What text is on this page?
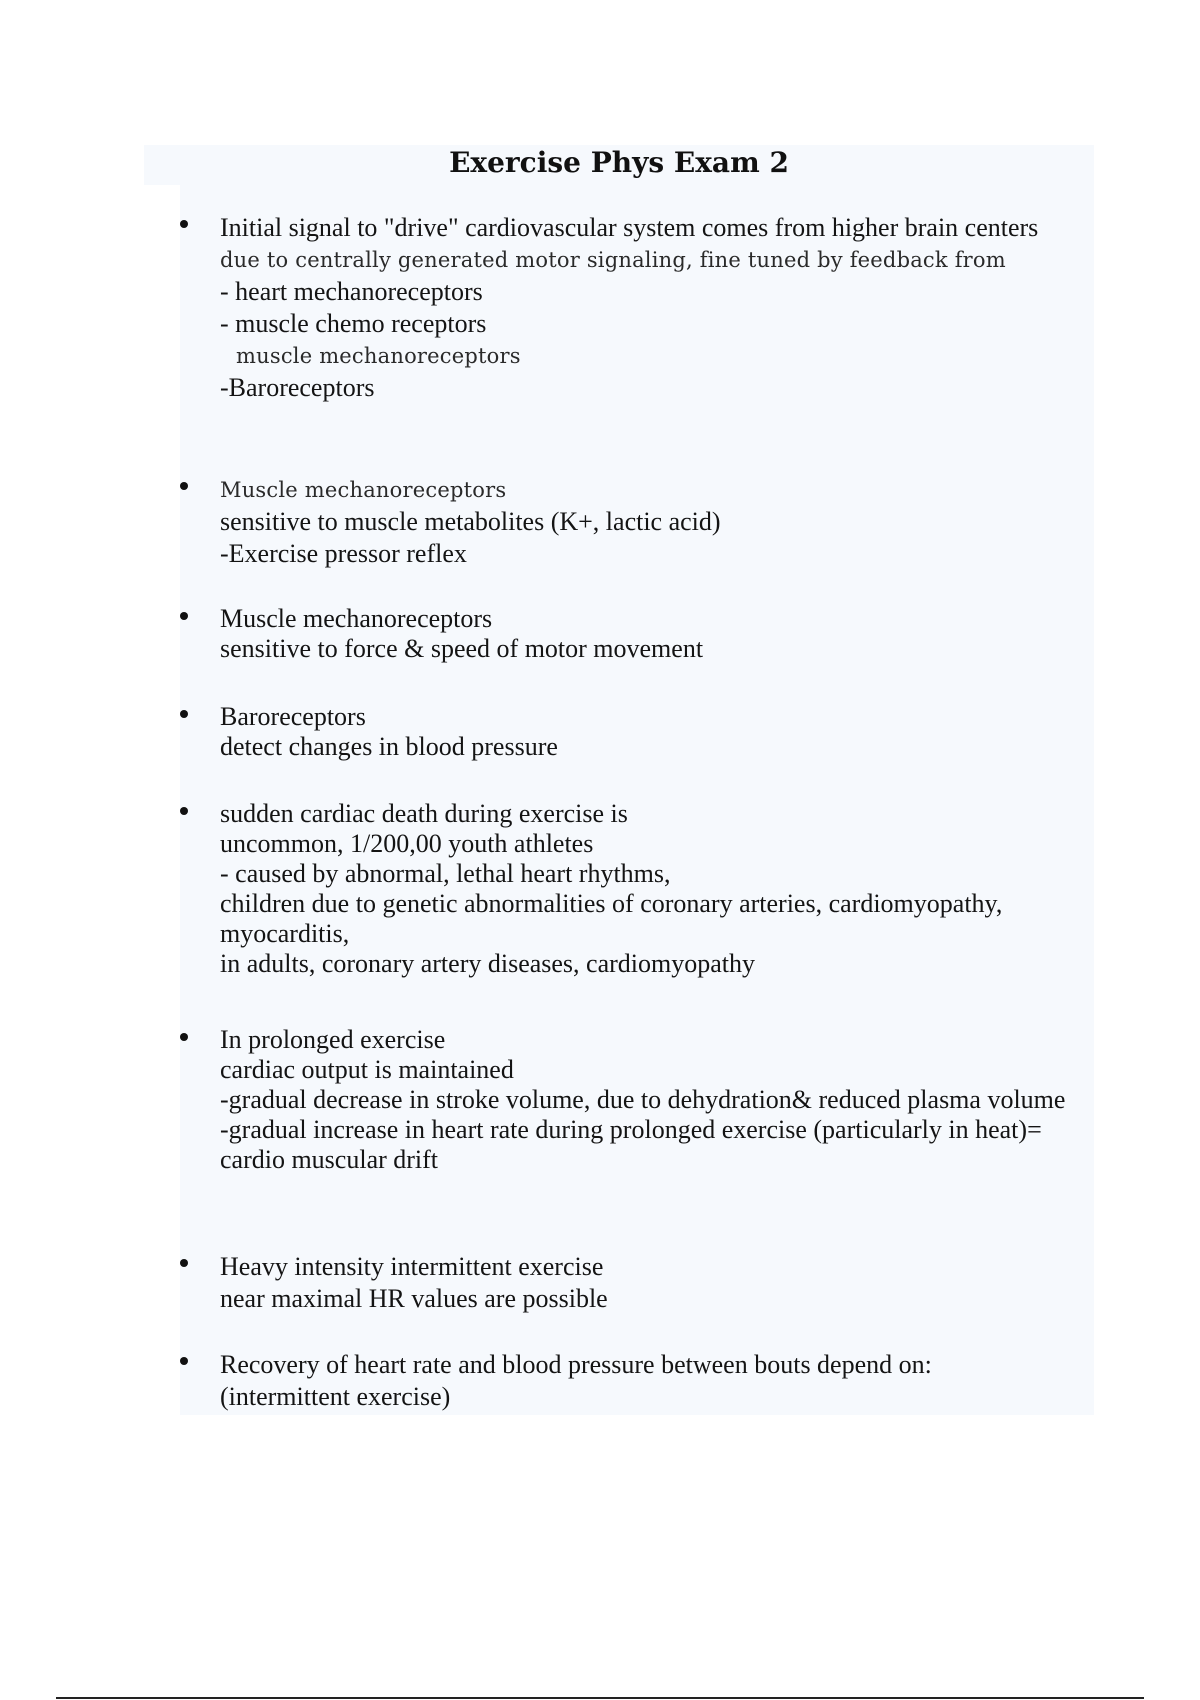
Exercise Phys Exam 2

Initial signal to "drive" cardiovascular system comes from higher brain centers

due to centrally generated motor signaling, fine tuned by feedback from

- heart mechanoreceptors

- muscle chemo receptors

muscle mechanoreceptors

-Baroreceptors

Muscle mechanoreceptors

sensitive to muscle metabolites (K+, lactic acid)

-Exercise pressor reflex

Muscle mechanoreceptors

sensitive to force & speed of motor movement

Baroreceptors

detect changes in blood pressure

sudden cardiac death during exercise is

uncommon, 1/200,00 youth athletes

- caused by abnormal, lethal heart rhythms,

children due to genetic abnormalities of coronary arteries, cardiomyopathy, myocarditis,

in adults, coronary artery diseases, cardiomyopathy

In prolonged exercise

cardiac output is maintained

-gradual decrease in stroke volume, due to dehydration& reduced plasma volume

-gradual increase in heart rate during prolonged exercise (particularly in heat)= cardio muscular drift

Heavy intensity intermittent exercise

near maximal HR values are possible

Recovery of heart rate and blood pressure between bouts depend on:

(intermittent exercise)
